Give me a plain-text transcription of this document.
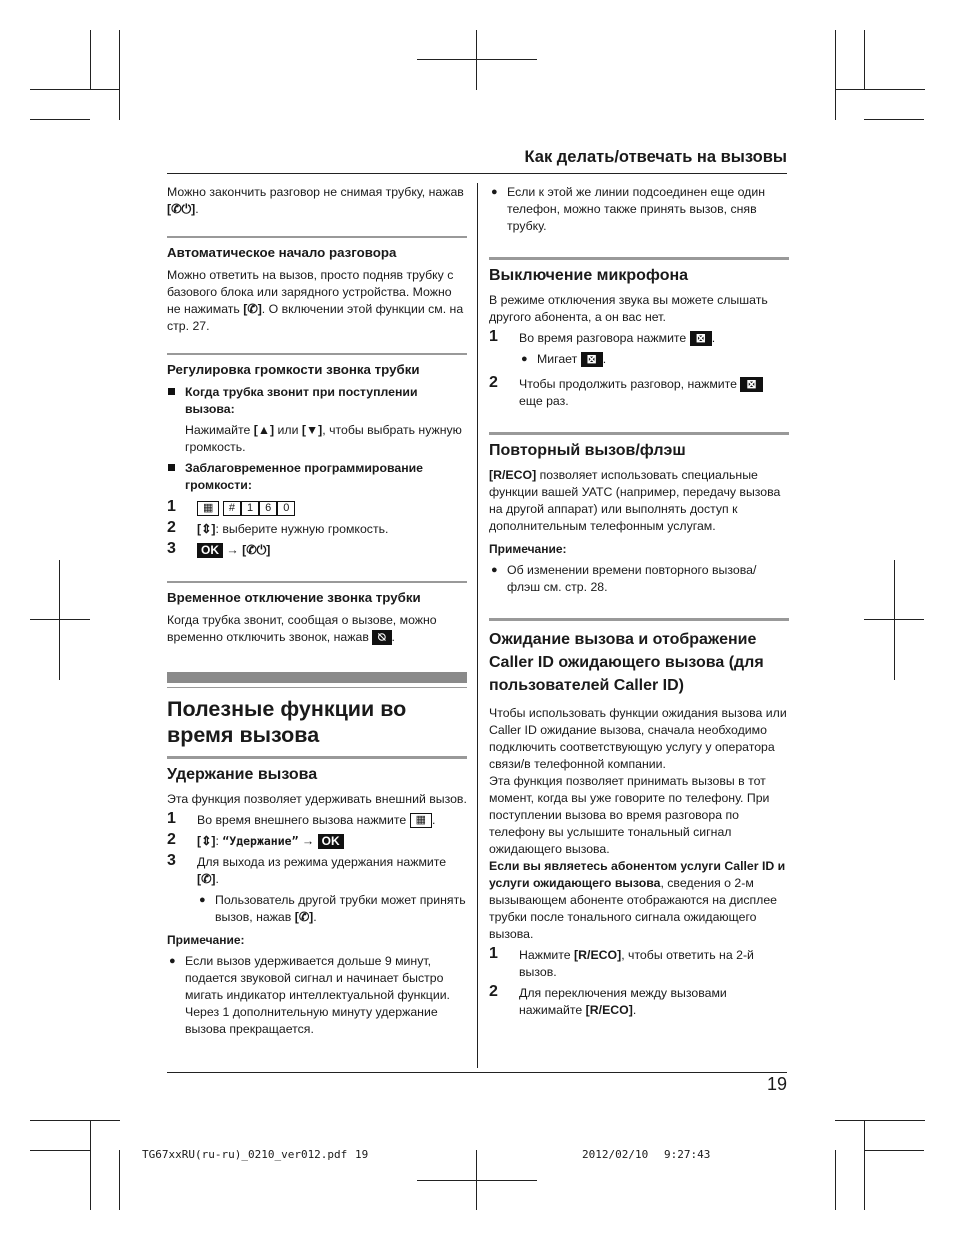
Как делать/отвечать на вызовы

Можно закончить разговор не снимая трубку, нажав [✆⏻].

Автоматическое начало разговора

Можно ответить на вызов, просто подняв трубку с базового блока или зарядного устройства. Можно не нажимать [✆]. О включении этой функции см. на стр. 27.

Регулировка громкости звонка трубки
Когда трубка звонит при поступлении вызова:
Нажимайте [▲] или [▼], чтобы выбрать нужную громкость.
Заблаговременное программирование громкости:
1 ▦ # 1 6 0
2 [⇕]: выберите нужную громкость.
3 OK → [✆⏻]
Временное отключение звонка трубки

Когда трубка звонит, сообщая о вызове, можно временно отключить звонок, нажав ⍉ .

Полезные функции во время вызова
Удержание вызова

Эта функция позволяет удерживать внешний вызов.

1 Во время внешнего вызова нажмите ▦ .
2 [⇕]: “Удержание” → OK
3 Для выхода из режима удержания нажмите [✆].
● Пользователь другой трубки может принять вызов, нажав [✆].
Примечание:
● Если вызов удерживается дольше 9 минут, подается звуковой сигнал и начинает быстро мигать индикатор интеллектуальной функции. Через 1 дополнительную минуту удержание вызова прекращается.
● Если к этой же линии подсоединен еще один телефон, можно также принять вызов, сняв трубку.
Выключение микрофона

В режиме отключения звука вы можете слышать другого абонента, а он вас нет.

1 Во время разговора нажмите ⊠ .
● Мигает ⊠ .
2 Чтобы продолжить разговор, нажмите ⊠ еще раз.
Повторный вызов/флэш

[R/ECO] позволяет использовать специальные функции вашей УАТС (например, передачу вызова на другой аппарат) или выполнять доступ к дополнительным телефонным услугам.

Примечание:
● Об изменении времени повторного вызова/флэш см. стр. 28.
Ожидание вызова и отображение Caller ID ожидающего вызова (для пользователей Caller ID)

Чтобы использовать функции ожидания вызова или Caller ID ожидание вызова, сначала необходимо подключить соответствующую услугу у оператора связи/в телефонной компании.

Эта функция позволяет принимать вызовы в тот момент, когда вы уже говорите по телефону. При поступлении вызова во время разговора по телефону вы услышите тональный сигнал ожидающего вызова.

Если вы являетесь абонентом услуги Caller ID и услуги ожидающего вызова, сведения о 2-м вызывающем абоненте отображаются на дисплее трубки после тонального сигнала ожидающего вызова.

1 Нажмите [R/ECO], чтобы ответить на 2-й вызов.
2 Для переключения между вызовами нажимайте [R/ECO].
19
TG67xxRU(ru-ru)_0210_ver012.pdf 19	2012/02/10 9:27:43
